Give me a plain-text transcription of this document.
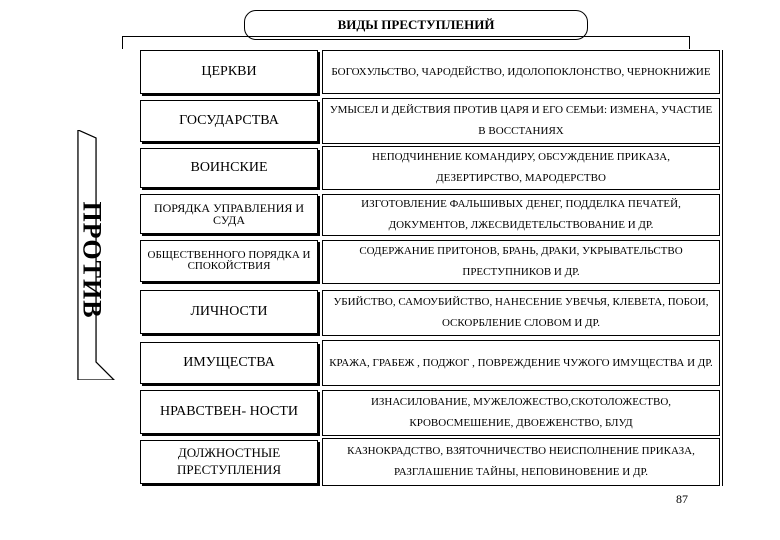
ВИДЫ ПРЕСТУПЛЕНИЙ
ПРОТИВ
ЦЕРКВИ	БОГОХУЛЬСТВО, ЧАРОДЕЙСТВО, ИДОЛОПОКЛОНСТВО, ЧЕРНОКНИЖИЕ
ГОСУДАРСТВА
УМЫСЕЛ И ДЕЙСТВИЯ ПРОТИВ ЦАРЯ И ЕГО СЕМЬИ: ИЗМЕНА, УЧАСТИЕ В ВОССТАНИЯХ
ВОИНСКИЕ
НЕПОДЧИНЕНИЕ КОМАНДИРУ, ОБСУЖДЕНИЕ ПРИКАЗА, ДЕЗЕРТИРСТВО, МАРОДЕРСТВО
ПОРЯДКА УПРАВЛЕНИЯ И СУДА
ИЗГОТОВЛЕНИЕ ФАЛЬШИВЫХ ДЕНЕГ, ПОДДЕЛКА ПЕЧАТЕЙ, ДОКУМЕНТОВ, ЛЖЕСВИДЕТЕЛЬСТВОВАНИЕ И ДР.
ОБЩЕСТВЕННОГО ПОРЯДКА И СПОКОЙСТВИЯ
СОДЕРЖАНИЕ ПРИТОНОВ, БРАНЬ, ДРАКИ, УКРЫВАТЕЛЬСТВО ПРЕСТУПНИКОВ И ДР.
ЛИЧНОСТИ
УБИЙСТВО, САМОУБИЙСТВО, НАНЕСЕНИЕ УВЕЧЬЯ, КЛЕВЕТА, ПОБОИ, ОСКОРБЛЕНИЕ СЛОВОМ И ДР.
ИМУЩЕСТВА	КРАЖА, ГРАБЕЖ , ПОДЖОГ , ПОВРЕЖДЕНИЕ ЧУЖОГО ИМУЩЕСТВА И ДР.
НРАВСТВЕН- НОСТИ
ИЗНАСИЛОВАНИЕ, МУЖЕЛОЖЕСТВО,СКОТОЛОЖЕСТВО, КРОВОСМЕШЕНИЕ, ДВОЕЖЕНСТВО, БЛУД
ДОЛЖНОСТНЫЕ ПРЕСТУПЛЕНИЯ
КАЗНОКРАДСТВО, ВЗЯТОЧНИЧЕСТВО НЕИСПОЛНЕНИЕ ПРИКАЗА, РАЗГЛАШЕНИЕ ТАЙНЫ, НЕПОВИНОВЕНИЕ И ДР.
87
